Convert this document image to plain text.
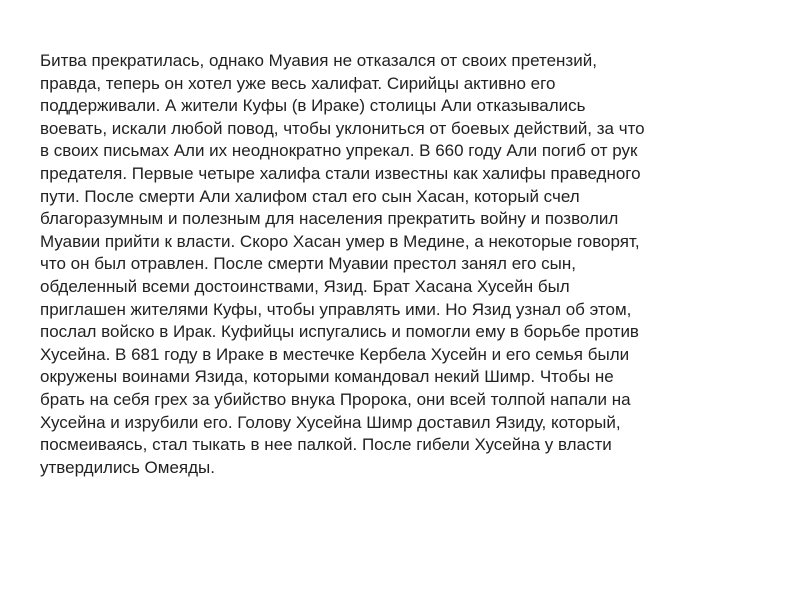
Битва прекратилась, однако Муавия не отказался от своих претензий,
правда, теперь он хотел уже весь халифат. Сирийцы активно его
поддерживали. А жители Куфы (в Ираке) столицы Али отказывались
воевать, искали любой повод, чтобы уклониться от боевых действий, за что
в своих письмах Али их неоднократно упрекал. В 660 году Али погиб от рук
предателя. Первые четыре халифа стали известны как халифы праведного
пути. После смерти Али халифом стал его сын Хасан, который счел
благоразумным и полезным для населения прекратить войну и позволил
Муавии прийти к власти. Скоро Хасан умер в Медине, а некоторые говорят,
что он был отравлен. После смерти Муавии престол занял его сын,
обделенный всеми достоинствами, Язид. Брат Хасана Хусейн был
приглашен жителями Куфы, чтобы управлять ими. Но Язид узнал об этом,
послал войско в Ирак. Куфийцы испугались и помогли ему в борьбе против
Хусейна. В 681 году в Ираке в местечке Кербела Хусейн и его семья были
окружены воинами Язида, которыми командовал некий Шимр. Чтобы не
брать на себя грех за убийство внука Пророка, они всей толпой напали на
Хусейна и изрубили его. Голову Хусейна Шимр доставил Язиду, который,
посмеиваясь, стал тыкать в нее палкой. После гибели Хусейна у власти
утвердились Омеяды.
